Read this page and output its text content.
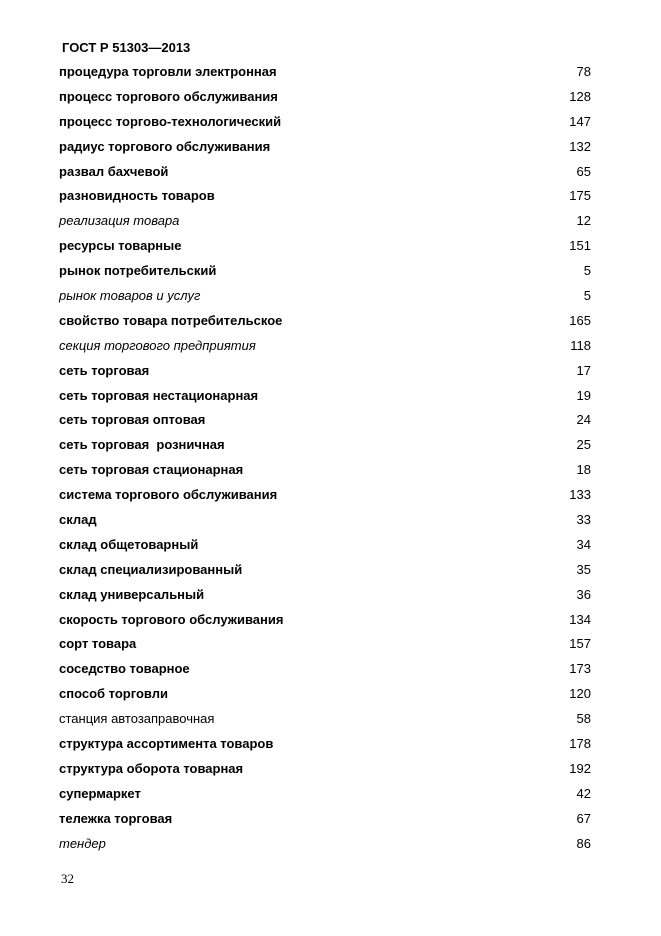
ГОСТ Р 51303—2013
процедура торговли электронная	78
процесс торгового обслуживания	128
процесс торгово-технологический	147
радиус торгового обслуживания	132
развал бахчевой	65
разновидность товаров	175
реализация товара	12
ресурсы товарные	151
рынок потребительский	5
рынок товаров и услуг	5
свойство товара потребительское	165
секция торгового предприятия	118
сеть торговая	17
сеть торговая нестационарная	19
сеть торговая оптовая	24
сеть торговая  розничная	25
сеть торговая стационарная	18
система торгового обслуживания	133
склад	33
склад общетоварный	34
склад специализированный	35
склад универсальный	36
скорость торгового обслуживания	134
сорт товара	157
соседство товарное	173
способ торговли	120
станция автозаправочная	58
структура ассортимента товаров	178
структура оборота товарная	192
супермаркет	42
тележка торговая	67
тендер	86
32
